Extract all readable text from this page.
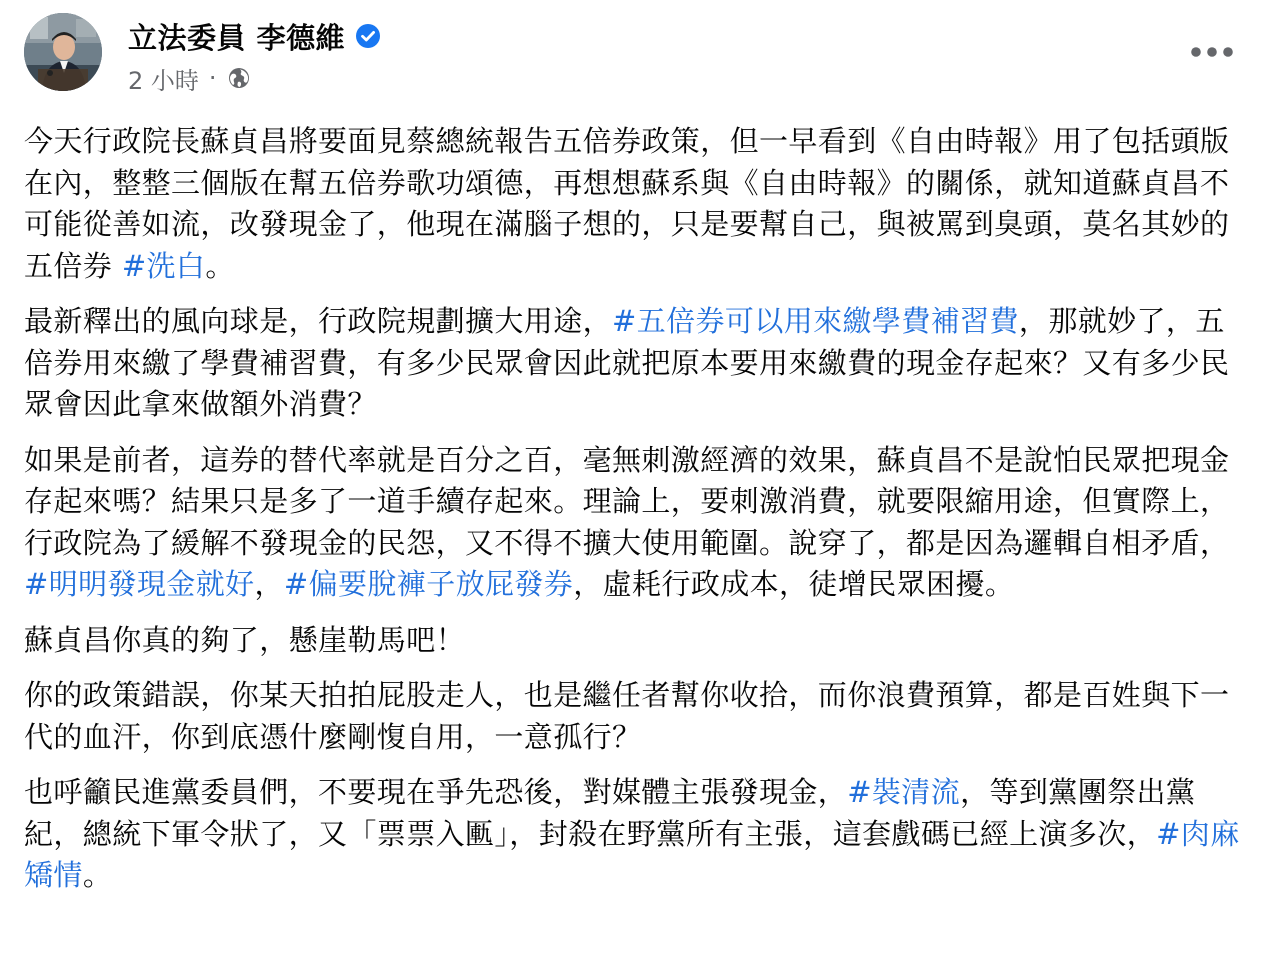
立法委員 李德維
2 小時 ·

今天行政院長蘇貞昌將要面見蔡總統報告五倍券政策，但一早看到《自由時報》用了包括頭版在內，整整三個版在幫五倍券歌功頌德，再想想蘇系與《自由時報》的關係，就知道蘇貞昌不可能從善如流，改發現金了，他現在滿腦子想的，只是要幫自己，與被罵到臭頭，莫名其妙的五倍券 #洗白。

最新釋出的風向球是，行政院規劃擴大用途，#五倍券可以用來繳學費補習費，那就妙了，五倍券用來繳了學費補習費，有多少民眾會因此就把原本要用來繳費的現金存起來？又有多少民眾會因此拿來做額外消費？

如果是前者，這券的替代率就是百分之百，毫無刺激經濟的效果，蘇貞昌不是說怕民眾把現金存起來嗎？結果只是多了一道手續存起來。理論上，要刺激消費，就要限縮用途，但實際上，行政院為了緩解不發現金的民怨，又不得不擴大使用範圍。說穿了，都是因為邏輯自相矛盾，#明明發現金就好，#偏要脫褲子放屁發券，虛耗行政成本，徒增民眾困擾。

蘇貞昌你真的夠了，懸崖勒馬吧！

你的政策錯誤，你某天拍拍屁股走人，也是繼任者幫你收拾，而你浪費預算，都是百姓與下一代的血汗，你到底憑什麼剛愎自用，一意孤行？

也呼籲民進黨委員們，不要現在爭先恐後，對媒體主張發現金，#裝清流，等到黨團祭出黨紀，總統下軍令狀了，又「票票入匭」，封殺在野黨所有主張，這套戲碼已經上演多次，#肉麻矯情。
